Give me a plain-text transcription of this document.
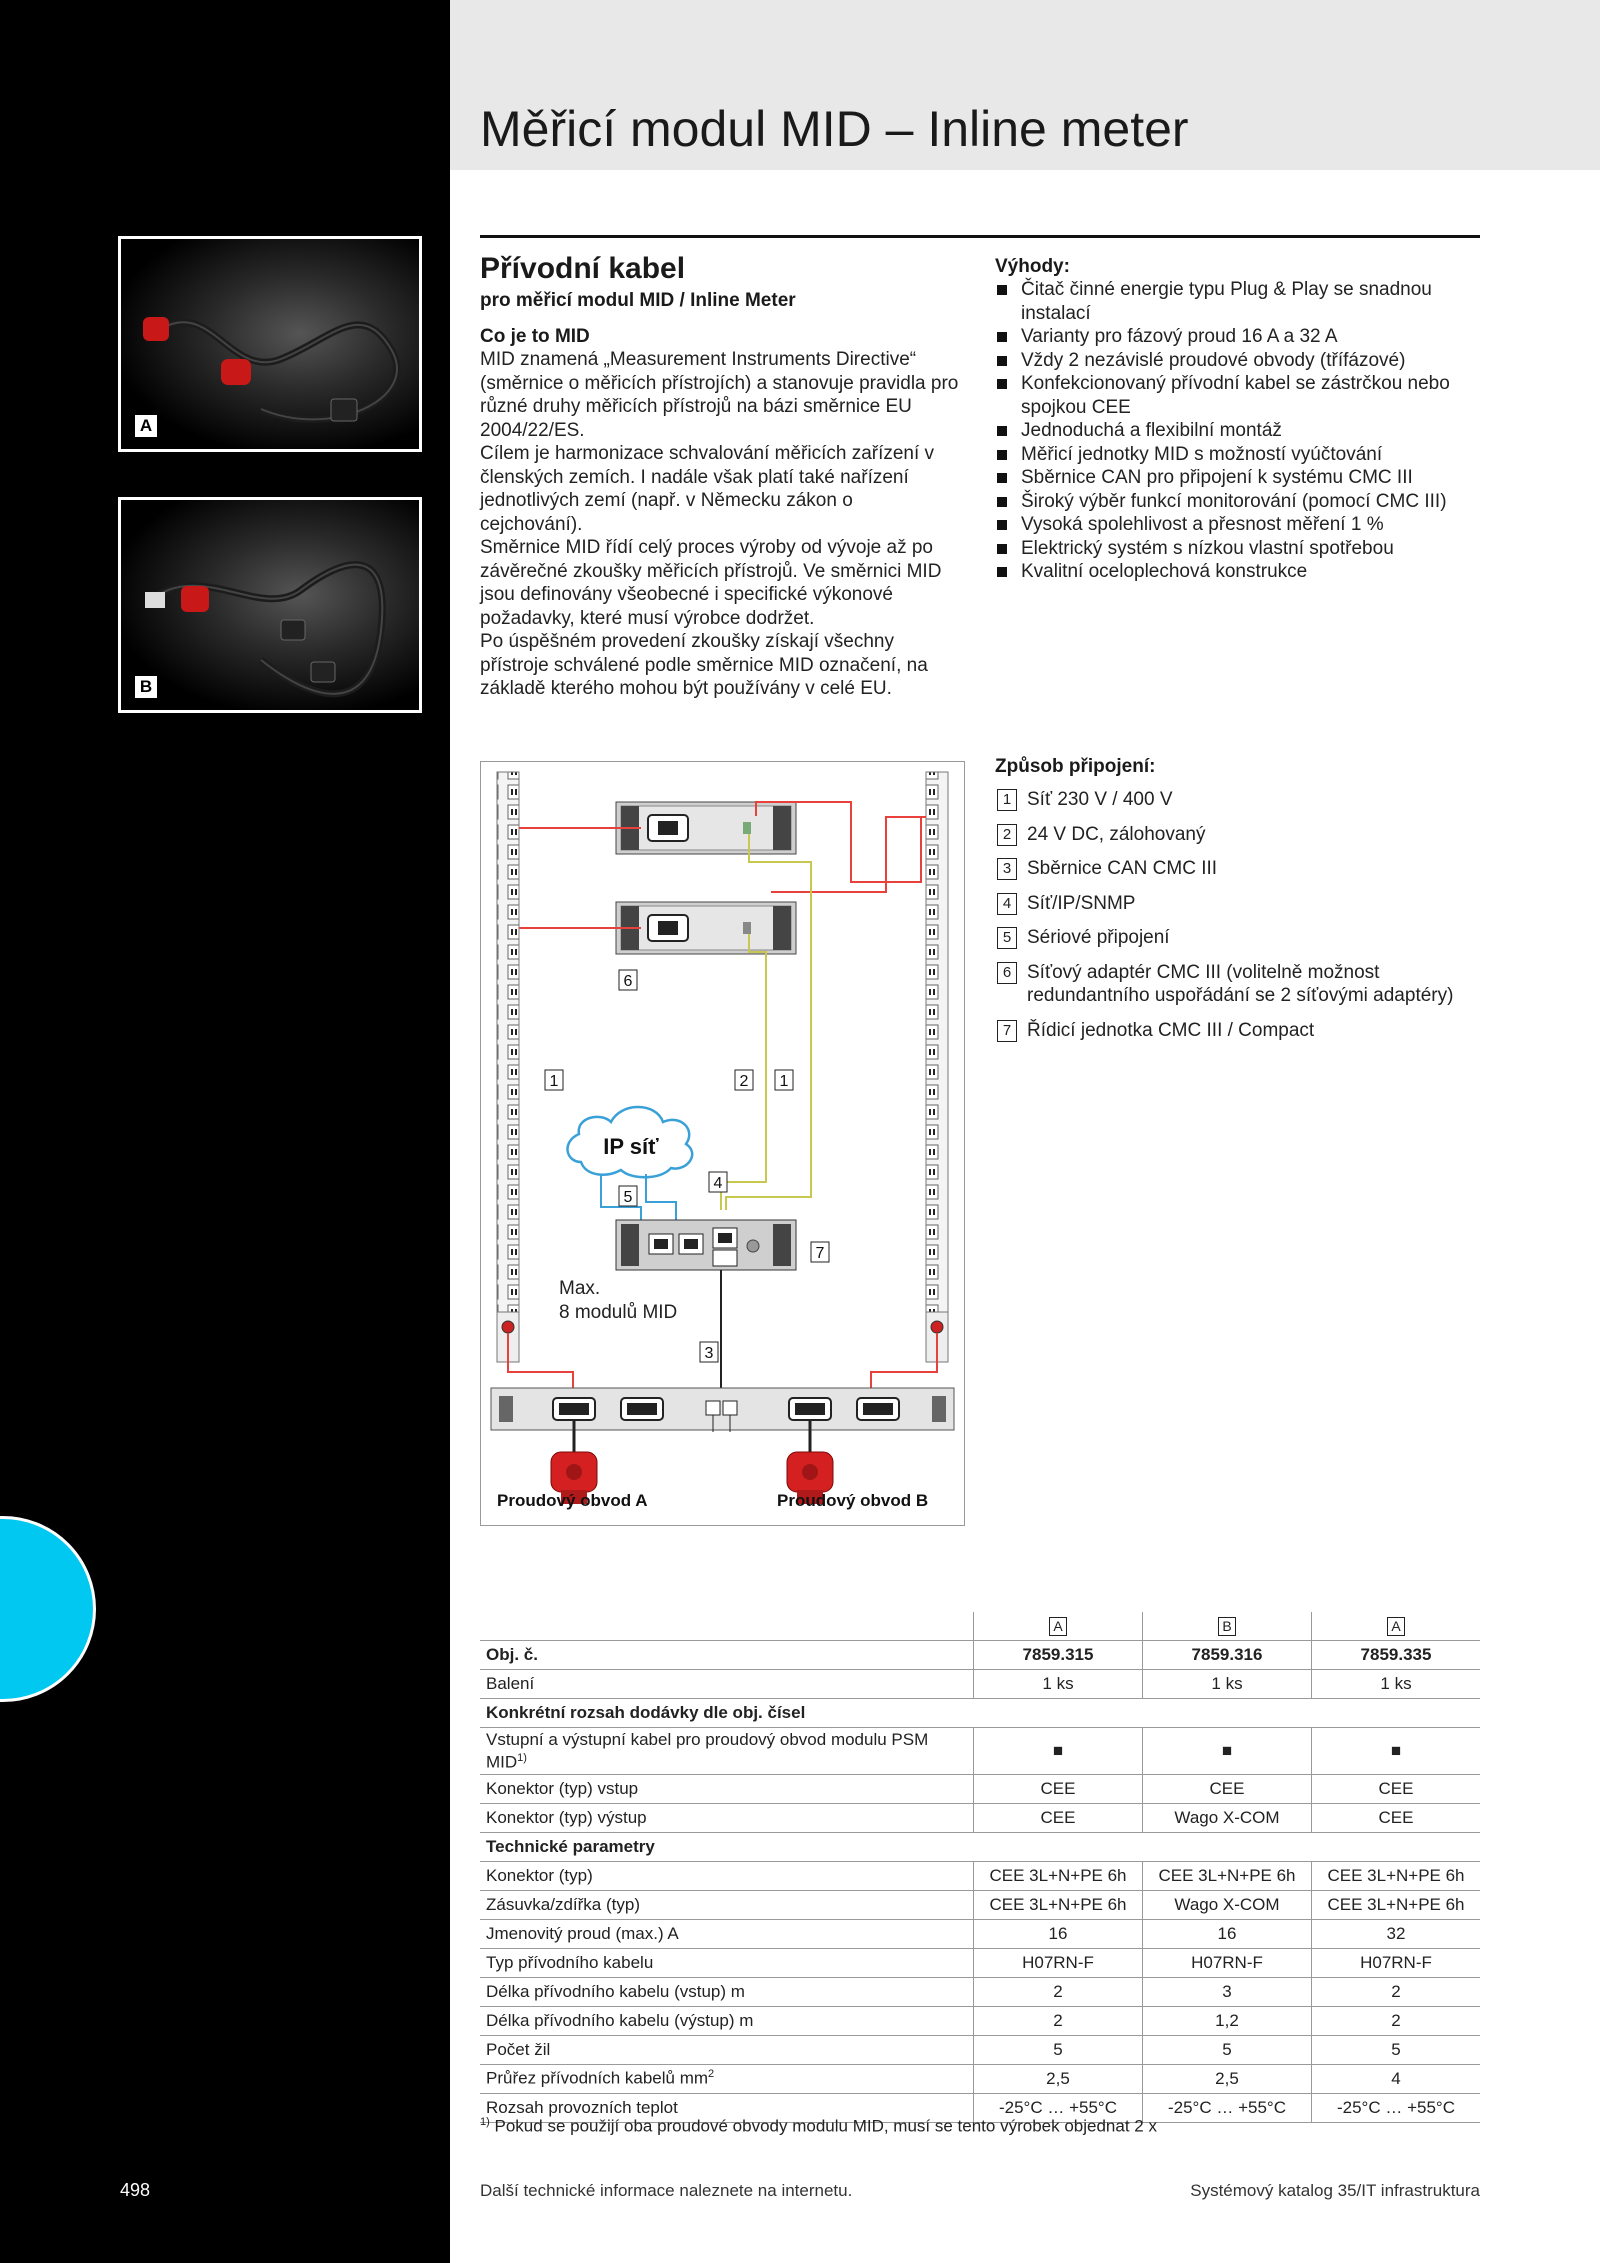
498
A
B
Měřicí modul MID – Inline meter
Přívodní kabel
pro měřicí modul MID / Inline Meter
Co je to MID
MID znamená „Measurement Instruments Directive“ (směrnice o měřicích přístrojích) a stanovuje pravidla pro různé druhy měřicích přístrojů na bázi směrnice EU 2004/22/ES.
Cílem je harmonizace schvalování měřicích zařízení v členských zemích. I nadále však platí také nařízení jednotlivých zemí (např. v Německu zákon o cejchování).
Směrnice MID řídí celý proces výroby od vývoje až po závěrečné zkoušky měřicích přístrojů. Ve směrnici MID jsou definovány všeobecné i specifické výkonové požadavky, které musí výrobce dodržet.
Po úspěšném provedení zkoušky získají všechny přístroje schválené podle směrnice MID označení, na základě kterého mohou být používány v celé EU.
Výhody:
Čitač činné energie typu Plug & Play se snadnou instalací
Varianty pro fázový proud 16 A a 32 A
Vždy 2 nezávislé proudové obvody (třífázové)
Konfekcionovaný přívodní kabel se zástrčkou nebo spojkou CEE
Jednoduchá a flexibilní montáž
Měřicí jednotky MID s možností vyúčtování
Sběrnice CAN pro připojení k systému CMC III
Široký výběr funkcí monitorování (pomocí CMC III)
Vysoká spolehlivost a přesnost měření 1 %
Elektrický systém s nízkou vlastní spotřebou
Kvalitní oceloplechová konstrukce
Způsob připojení:
1 Síť 230 V / 400 V
2 24 V DC, zálohovaný
3 Sběrnice CAN CMC III
4 Síť/IP/SNMP
5 Sériové připojení
6 Síťový adaptér CMC III (volitelně možnost redundantního uspořádání se 2 síťovými adaptéry)
7 Řídicí jednotka CMC III / Compact
IP síť
Max.
8 modulů MID
6
1	1
2
5
4
7
3
Proudový obvod A	Proudový obvod B
	A	B	A
Obj. č.	7859.315	7859.316	7859.335
Balení	1 ks	1 ks	1 ks
Konkrétní rozsah dodávky dle obj. čísel			
Vstupní a výstupní kabel pro proudový obvod modulu PSM MID$^{1)}$	■	■	■
Konektor (typ) vstup	CEE	CEE	CEE
Konektor (typ) výstup	CEE	Wago X-COM	CEE
Technické parametry			
Konektor (typ)	CEE 3L+N+PE 6h	CEE 3L+N+PE 6h	CEE 3L+N+PE 6h
Zásuvka/zdířka (typ)	CEE 3L+N+PE 6h	Wago X-COM	CEE 3L+N+PE 6h
Jmenovitý proud (max.) A	16	16	32
Typ přívodního kabelu	H07RN-F	H07RN-F	H07RN-F
Délka přívodního kabelu (vstup) m	2	3	2
Délka přívodního kabelu (výstup) m	2	1,2	2
Počet žil	5	5	5
Průřez přívodních kabelů $mm^2$	2,5	2,5	4
Rozsah provozních teplot	-25°C … +55°C	-25°C … +55°C	-25°C … +55°C
$^{1)}$ Pokud se použijí oba proudové obvody modulu MID, musí se tento výrobek objednat 2 x
Další technické informace naleznete na internetu.	Systémový katalog 35/IT infrastruktura
